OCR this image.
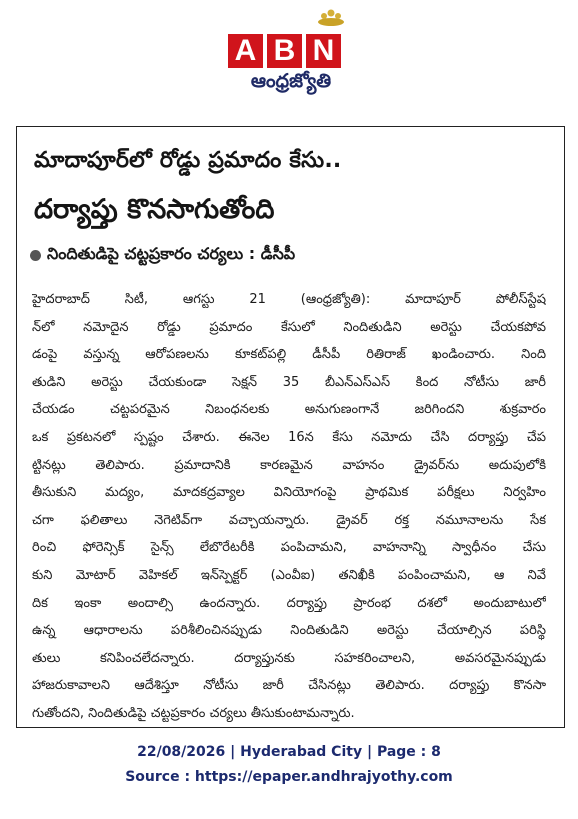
A B N
ఆంధ్రజ్యోతి
మాదాపూర్‌లో రోడ్డు ప్రమాదం కేసు..
దర్యాప్తు కొనసాగుతోంది
నిందితుడిపై చట్టప్రకారం చర్యలు : డీసీపీ
హైదరాబాద్ సిటీ, ఆగస్టు 21 (ఆంధ్రజ్యోతి): మాదాపూర్ పోలీస్‌స్టేష
న్‌లో నమోదైన రోడ్డు ప్రమాదం కేసులో నిందితుడిని అరెస్టు చేయకపోవ
డంపై వస్తున్న ఆరోపణలను కూకట్‌పల్లి డీసీపీ రితిరాజ్ ఖండించారు. నింది
తుడిని అరెస్టు చేయకుండా సెక్షన్ 35 బీఎన్‌ఎస్‌ఎస్ కింద నోటీసు జారీ
చేయడం చట్టపరమైన నిబంధనలకు అనుగుణంగానే జరిగిందని శుక్రవారం
ఒక ప్రకటనలో స్పష్టం చేశారు. ఈనెల 16న కేసు నమోదు చేసి దర్యాప్తు చేప
ట్టినట్లు తెలిపారు. ప్రమాదానికి కారణమైన వాహనం డ్రైవర్‌ను అదుపులోకి
తీసుకుని మద్యం, మాదకద్రవ్యాల వినియోగంపై ప్రాథమిక పరీక్షలు నిర్వహిం
చగా ఫలితాలు నెగెటివ్‌గా వచ్చాయన్నారు. డ్రైవర్ రక్త నమూనాలను సేక
రించి ఫోరెన్సిక్ సైన్స్ లేబొరేటరీకి పంపిచామని, వాహనాన్ని స్వాధీనం చేసు
కుని మోటార్ వెహికల్ ఇన్‌స్పెక్టర్ (ఎంవీఐ) తనిఖీకి పంపించామని, ఆ నివే
దిక ఇంకా అందాల్సి ఉందన్నారు. దర్యాప్తు ప్రారంభ దశలో అందుబాటులో
ఉన్న ఆధారాలను పరిశీలించినప్పుడు నిందితుడిని అరెస్టు చేయాల్సిన పరిస్థి
తులు కనిపించలేదన్నారు. దర్యాప్తునకు సహకరించాలని, అవసరమైనప్పుడు
హాజరుకావాలని ఆదేశిస్తూ నోటీసు జారీ చేసినట్లు తెలిపారు. దర్యాప్తు కొనసా
గుతోందని, నిందితుడిపై చట్టప్రకారం చర్యలు తీసుకుంటామన్నారు.
22/08/2026 | Hyderabad City | Page : 8
Source : https://epaper.andhrajyothy.com
